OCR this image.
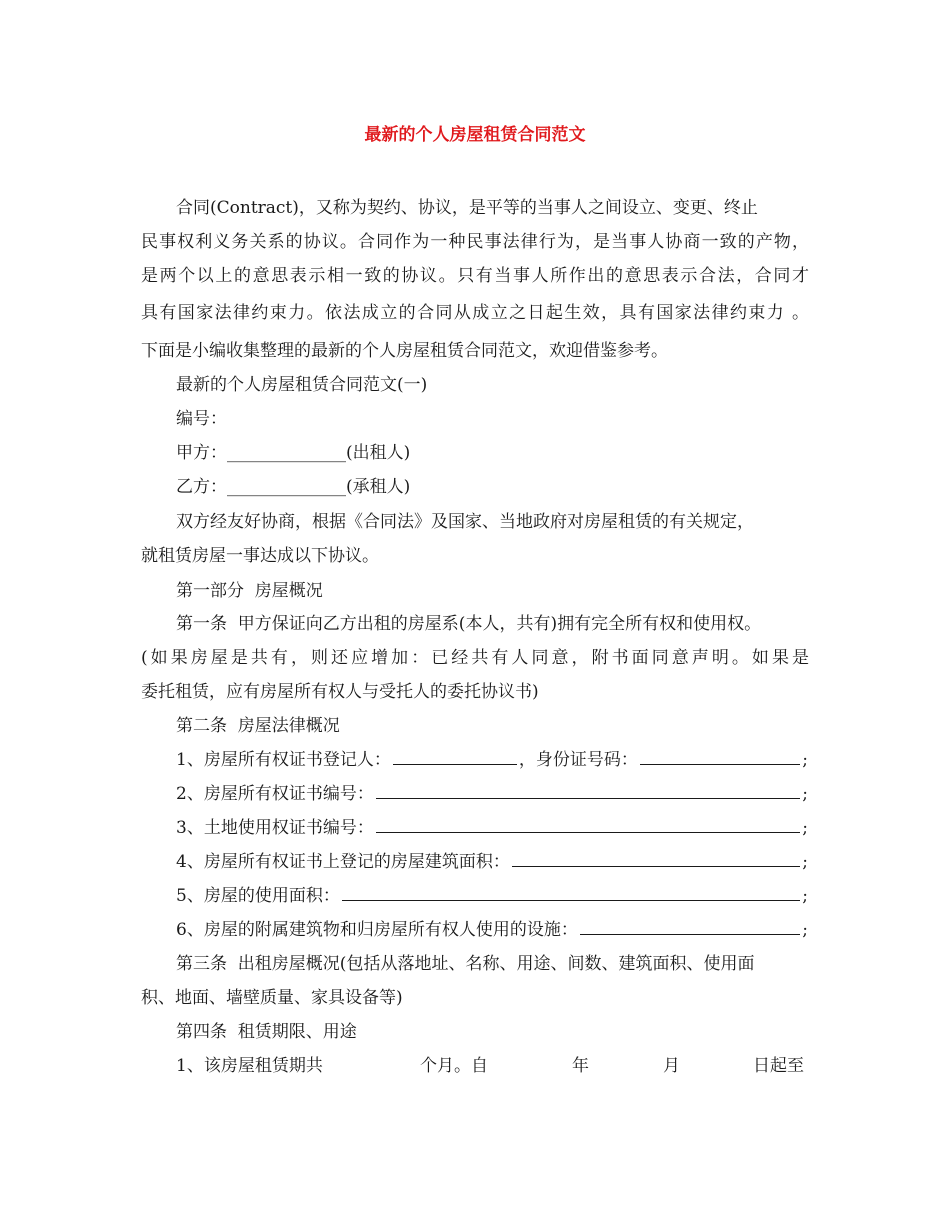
最新的个人房屋租赁合同范文
合同(Contract)，又称为契约、协议，是平等的当事人之间设立、变更、终止
民事权利义务关系的协议。合同作为一种民事法律行为，是当事人协商一致的产物，
是两个以上的意思表示相一致的协议。只有当事人所作出的意思表示合法，合同才
具有国家法律约束力。依法成立的合同从成立之日起生效，具有国家法律约束力 。
下面是小编收集整理的最新的个人房屋租赁合同范文，欢迎借鉴参考。
最新的个人房屋租赁合同范文(一)
编号：
甲方：______________(出租人)
乙方：______________(承租人)
双方经友好协商，根据《合同法》及国家、当地政府对房屋租赁的有关规定，
就租赁房屋一事达成以下协议。
第一部分  房屋概况
第一条  甲方保证向乙方出租的房屋系(本人，共有)拥有完全所有权和使用权。
(如果房屋是共有，则还应增加：已经共有人同意，附书面同意声明。如果是
委托租赁，应有房屋所有权人与受托人的委托协议书)
第二条  房屋法律概况
1、房屋所有权证书登记人：	，身份证号码：	;
2、房屋所有权证书编号：	;
3、土地使用权证书编号：	;
4、房屋所有权证书上登记的房屋建筑面积：	;
5、房屋的使用面积：	;
6、房屋的附属建筑物和归房屋所有权人使用的设施：	;
第三条  出租房屋概况(包括从落地址、名称、用途、间数、建筑面积、使用面
积、地面、墙壁质量、家具设备等)
第四条  租赁期限、用途
1、该房屋租赁期共	个月。自	年	月	日起至
